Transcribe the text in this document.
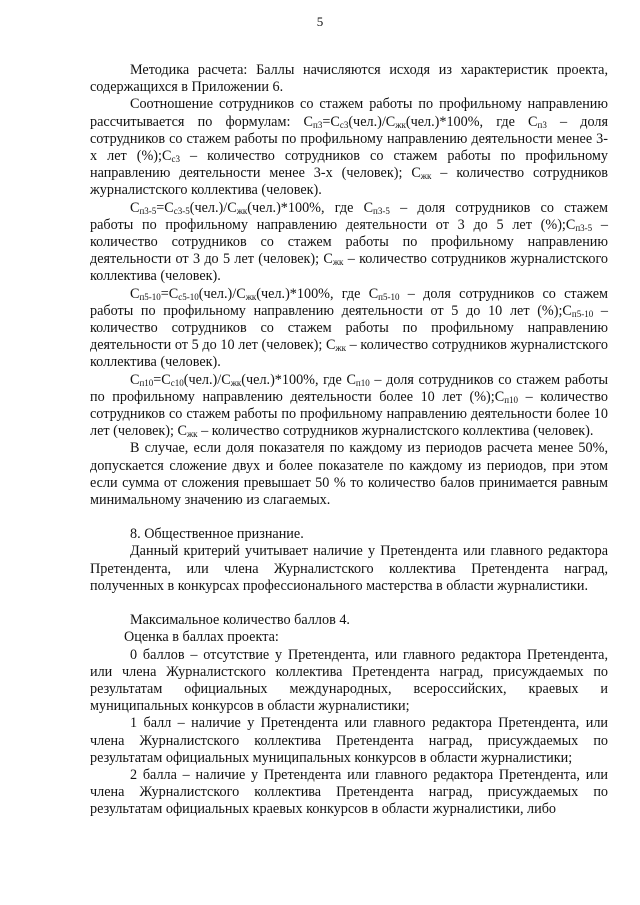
5

Методика расчета: Баллы начисляются исходя из характеристик проекта, содержащихся в Приложении 6.

Соотношение сотрудников со стажем работы по профильному направлению рассчитывается по формулам: $С_{п3}=С_{с3}(чел.)/С_{жк}(чел.)*100\%$, где $С_{п3}$ – доля сотрудников со стажем работы по профильному направлению деятельности менее 3-х лет $(\%);С_{с3}$ – количество сотрудников со стажем работы по профильному направлению деятельности менее 3-х (человек); $С_{жк}$ – количество сотрудников журналистского коллектива (человек).

$С_{п3-5}=С_{с3-5}(чел.)/С_{жк}(чел.)*100\%$, где $С_{п3-5}$ – доля сотрудников со стажем работы по профильному направлению деятельности от 3 до 5 лет $(\%);С_{п3-5}$ – количество сотрудников со стажем работы по профильному направлению деятельности от 3 до 5 лет (человек); $С_{жк}$ – количество сотрудников журналистского коллектива (человек).

$С_{п5-10}=С_{с5-10}(чел.)/С_{жк}(чел.)*100\%$, где $С_{п5-10}$ – доля сотрудников со стажем работы по профильному направлению деятельности от 5 до 10 лет $(\%);С_{п5-10}$ – количество сотрудников со стажем работы по профильному направлению деятельности от 5 до 10 лет (человек); $С_{жк}$ – количество сотрудников журналистского коллектива (человек).

$С_{п10}=С_{с10}(чел.)/С_{жк}(чел.)*100\%$, где $С_{п10}$ – доля сотрудников со стажем работы по профильному направлению деятельности более 10 лет $(\%);С_{п10}$ – количество сотрудников со стажем работы по профильному направлению деятельности более 10 лет (человек); $С_{жк}$ – количество сотрудников журналистского коллектива (человек).

В случае, если доля показателя по каждому из периодов расчета менее 50%, допускается сложение двух и более показателе по каждому из периодов, при этом если сумма от сложения превышает 50 % то количество балов принимается равным минимальному значению из слагаемых.

8. Общественное признание.

Данный критерий учитывает наличие у Претендента или главного редактора Претендента, или члена Журналистского коллектива Претендента наград, полученных в конкурсах профессионального мастерства в области журналистики.

Максимальное количество баллов 4.

Оценка в баллах проекта:

0 баллов – отсутствие у Претендента, или главного редактора Претендента, или члена Журналистского коллектива Претендента наград, присуждаемых по результатам официальных международных, всероссийских, краевых и муниципальных конкурсов в области журналистики;

1 балл – наличие у Претендента или главного редактора Претендента, или члена Журналистского коллектива Претендента наград, присуждаемых по результатам официальных муниципальных конкурсов в области журналистики;

2 балла – наличие у Претендента или главного редактора Претендента, или члена Журналистского коллектива Претендента наград, присуждаемых по результатам официальных краевых конкурсов в области журналистики, либо
